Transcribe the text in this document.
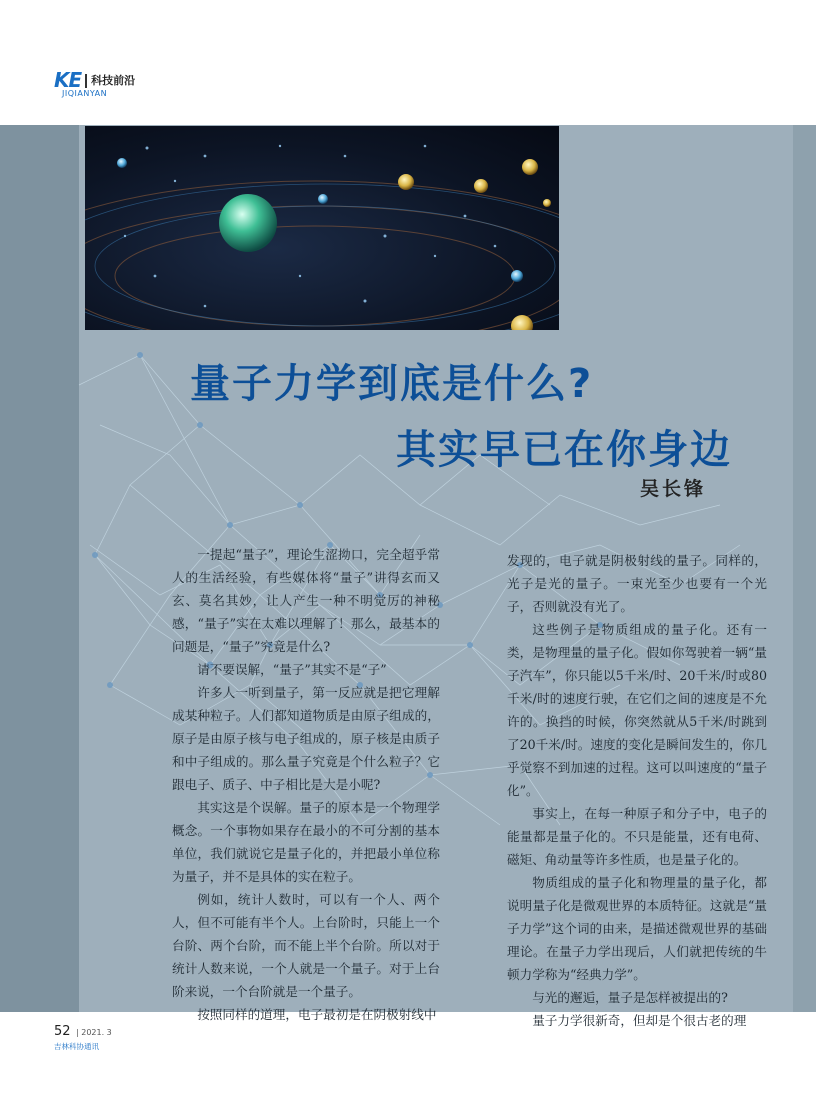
KE 科技前沿
JIQIANYAN
量子力学到底是什么?
其实早已在你身边
吴长锋

一提起“量子”，理论生涩拗口，完全超乎常人的生活经验，有些媒体将“量子”讲得玄而又玄、莫名其妙，让人产生一种不明觉厉的神秘感，“量子”实在太难以理解了！那么，最基本的问题是，“量子”究竟是什么?

请不要误解，“量子”其实不是“子”

许多人一听到量子，第一反应就是把它理解成某种粒子。人们都知道物质是由原子组成的，原子是由原子核与电子组成的，原子核是由质子和中子组成的。那么量子究竟是个什么粒子？它跟电子、质子、中子相比是大是小呢?

其实这是个误解。量子的原本是一个物理学概念。一个事物如果存在最小的不可分割的基本单位，我们就说它是量子化的，并把最小单位称为量子，并不是具体的实在粒子。

例如，统计人数时，可以有一个人、两个人，但不可能有半个人。上台阶时，只能上一个台阶、两个台阶，而不能上半个台阶。所以对于统计人数来说，一个人就是一个量子。对于上台阶来说，一个台阶就是一个量子。

按照同样的道理，电子最初是在阴极射线中

发现的，电子就是阴极射线的量子。同样的，光子是光的量子。一束光至少也要有一个光子，否则就没有光了。

这些例子是物质组成的量子化。还有一类，是物理量的量子化。假如你驾驶着一辆“量子汽车”，你只能以5千米/时、20千米/时或80千米/时的速度行驶，在它们之间的速度是不允许的。换挡的时候，你突然就从5千米/时跳到了20千米/时。速度的变化是瞬间发生的，你几乎觉察不到加速的过程。这可以叫速度的“量子化”。

事实上，在每一种原子和分子中，电子的能量都是量子化的。不只是能量，还有电荷、磁矩、角动量等许多性质，也是量子化的。

物质组成的量子化和物理量的量子化，都说明量子化是微观世界的本质特征。这就是“量子力学”这个词的由来，是描述微观世界的基础理论。在量子力学出现后，人们就把传统的牛顿力学称为“经典力学”。

与光的邂逅，量子是怎样被提出的?

量子力学很新奇，但却是个很古老的理

52 | 2021. 3
吉林科协通讯
